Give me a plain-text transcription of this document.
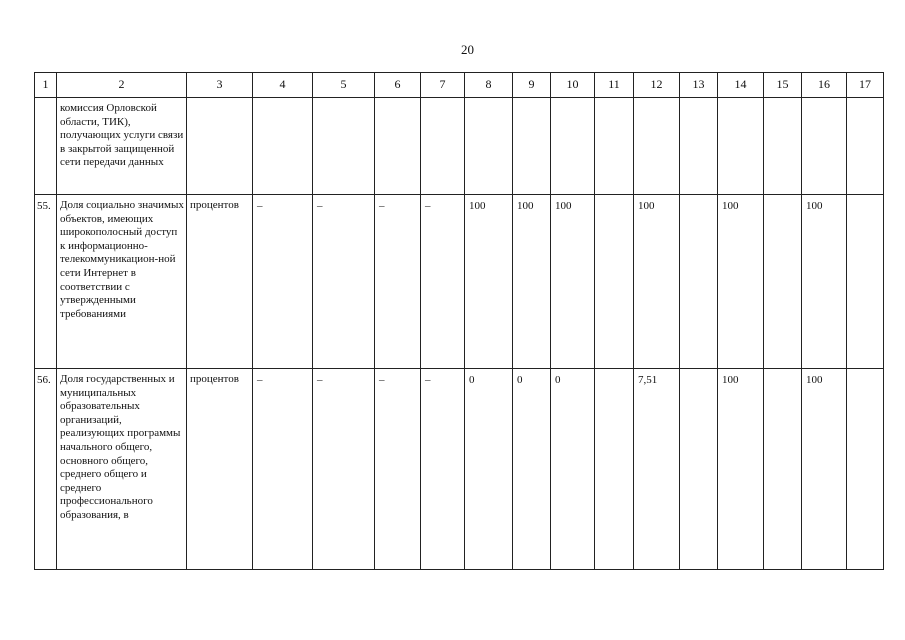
20
1	2	3	4	5	6	7	8	9	10	11	12	13	14	15	16	17
	комиссия Орловской области, ТИК), получающих услуги связи в закрытой защищенной сети передачи данных															
55.	Доля социально значимых объектов, имеющих широкополосный доступ к информационно-телекоммуникацион-ной сети Интернет в соответствии с утвержденными требованиями	процентов	–	–	–	–	100	100	100		100		100		100	
56.	Доля государственных и муниципальных образовательных организаций, реализующих программы начального общего, основного общего, среднего общего и среднего профессионального образования, в	процентов	–	–	–	–	0	0	0		7,51		100		100	
